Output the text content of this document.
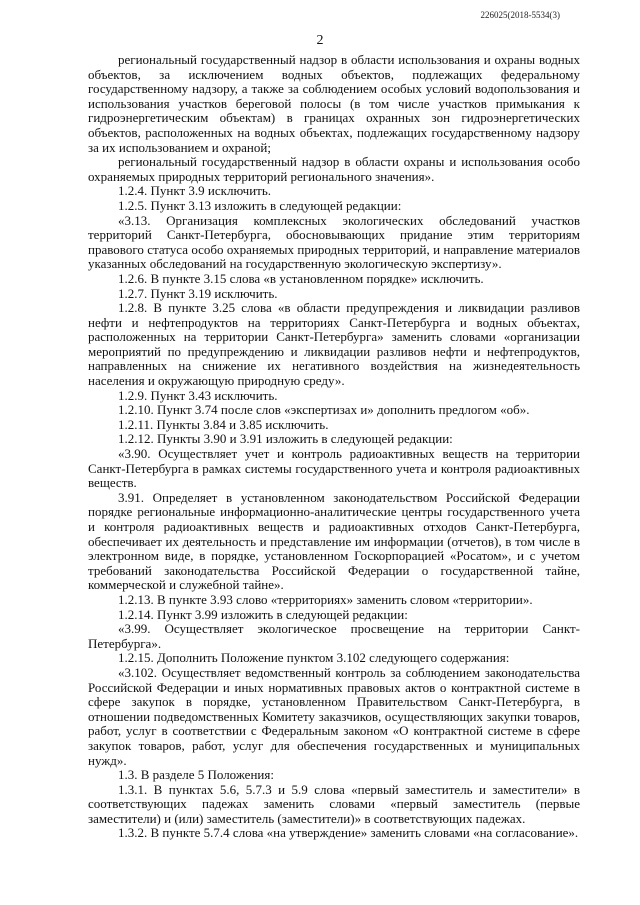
226025(2018-5534(3)
2

региональный государственный надзор в области использования и охраны водных объектов, за исключением водных объектов, подлежащих федеральному государственному надзору, а также за соблюдением особых условий водопользования и использования участков береговой полосы (в том числе участков примыкания к гидроэнергетическим объектам) в границах охранных зон гидроэнергетических объектов, расположенных на водных объектах, подлежащих государственному надзору за их использованием и охраной;

региональный государственный надзор в области охраны и использования особо охраняемых природных территорий регионального значения».

1.2.4. Пункт 3.9 исключить.

1.2.5. Пункт 3.13 изложить в следующей редакции:

«3.13. Организация комплексных экологических обследований участков территорий Санкт-Петербурга, обосновывающих придание этим территориям правового статуса особо охраняемых природных территорий, и направление материалов указанных обследований на государственную экологическую экспертизу».

1.2.6. В пункте 3.15 слова «в установленном порядке» исключить.

1.2.7. Пункт 3.19 исключить.

1.2.8. В пункте 3.25 слова «в области предупреждения и ликвидации разливов нефти и нефтепродуктов на территориях Санкт-Петербурга и водных объектах, расположенных на территории Санкт-Петербурга» заменить словами «организации мероприятий по предупреждению и ликвидации разливов нефти и нефтепродуктов, направленных на снижение их негативного воздействия на жизнедеятельность населения и окружающую природную среду».

1.2.9. Пункт 3.43 исключить.

1.2.10. Пункт 3.74 после слов «экспертизах и» дополнить предлогом «об».

1.2.11. Пункты 3.84 и 3.85 исключить.

1.2.12. Пункты 3.90 и 3.91 изложить в следующей редакции:

«3.90. Осуществляет учет и контроль радиоактивных веществ на территории Санкт-Петербурга в рамках системы государственного учета и контроля радиоактивных веществ.

3.91. Определяет в установленном законодательством Российской Федерации порядке региональные информационно-аналитические центры государственного учета и контроля радиоактивных веществ и радиоактивных отходов Санкт-Петербурга, обеспечивает их деятельность и представление им информации (отчетов), в том числе в электронном виде, в порядке, установленном Госкорпорацией «Росатом», и с учетом требований законодательства Российской Федерации о государственной тайне, коммерческой и служебной тайне».

1.2.13. В пункте 3.93 слово «территориях» заменить словом «территории».

1.2.14. Пункт 3.99 изложить в следующей редакции:

«3.99. Осуществляет экологическое просвещение на территории Санкт-Петербурга».

1.2.15. Дополнить Положение пунктом 3.102 следующего содержания:

«3.102. Осуществляет ведомственный контроль за соблюдением законодательства Российской Федерации и иных нормативных правовых актов о контрактной системе в сфере закупок в порядке, установленном Правительством Санкт-Петербурга, в отношении подведомственных Комитету заказчиков, осуществляющих закупки товаров, работ, услуг в соответствии с Федеральным законом «О контрактной системе в сфере закупок товаров, работ, услуг для обеспечения государственных и муниципальных нужд».

1.3. В разделе 5 Положения:

1.3.1. В пунктах 5.6, 5.7.3 и 5.9 слова «первый заместитель и заместители» в соответствующих падежах заменить словами «первый заместитель (первые заместители) и (или) заместитель (заместители)» в соответствующих падежах.

1.3.2. В пункте 5.7.4 слова «на утверждение» заменить словами «на согласование».
